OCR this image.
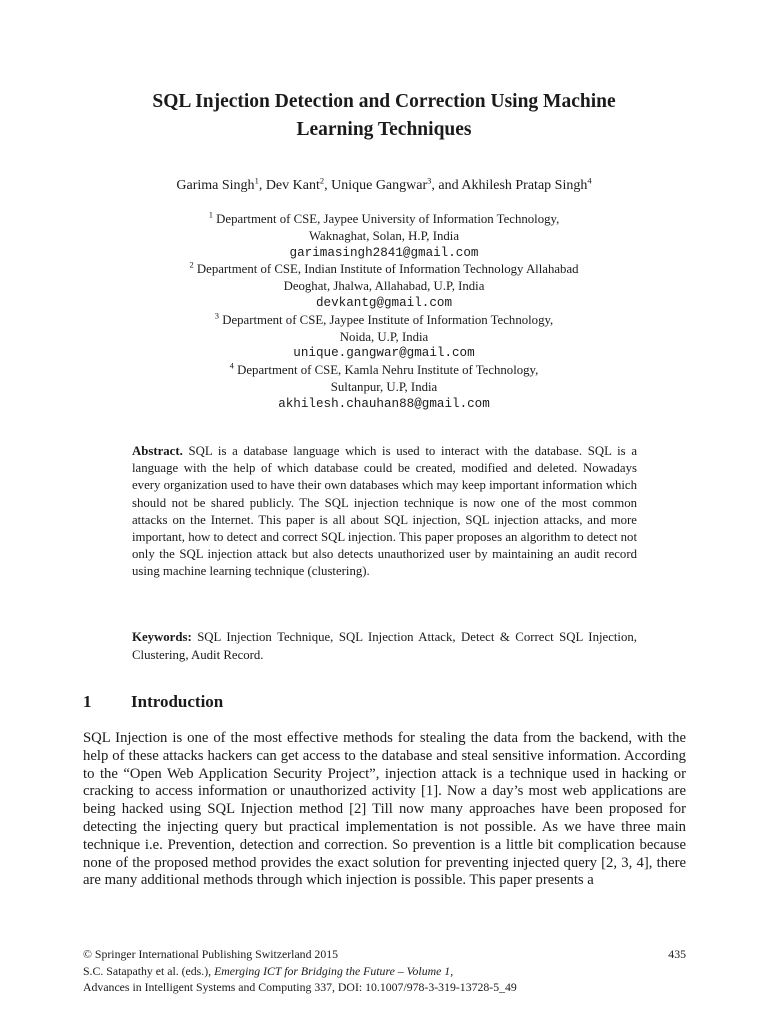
SQL Injection Detection and Correction Using Machine
Learning Techniques
Garima Singh$^1$, Dev Kant$^2$, Unique Gangwar$^3$, and Akhilesh Pratap Singh$^4$
$^1$ Department of CSE, Jaypee University of Information Technology,
Waknaghat, Solan, H.P, India
garimasingh2841@gmail.com
$^2$ Department of CSE, Indian Institute of Information Technology Allahabad
Deoghat, Jhalwa, Allahabad, U.P, India
devkantg@gmail.com
$^3$ Department of CSE, Jaypee Institute of Information Technology,
Noida, U.P, India
unique.gangwar@gmail.com
$^4$ Department of CSE, Kamla Nehru Institute of Technology,
Sultanpur, U.P, India
akhilesh.chauhan88@gmail.com
Abstract. SQL is a database language which is used to interact with the database. SQL is a language with the help of which database could be created, modified and deleted. Nowadays every organization used to have their own databases which may keep important information which should not be shared publicly. The SQL injection technique is now one of the most common attacks on the Internet. This paper is all about SQL injection, SQL injection attacks, and more important, how to detect and correct SQL injection. This paper proposes an algorithm to detect not only the SQL injection attack but also detects unauthorized user by maintaining an audit record using machine learning technique (clustering).
Keywords: SQL Injection Technique, SQL Injection Attack, Detect & Correct SQL Injection, Clustering, Audit Record.
1 Introduction

SQL Injection is one of the most effective methods for stealing the data from the backend, with the help of these attacks hackers can get access to the database and steal sensitive information. According to the “Open Web Application Security Project”, injection attack is a technique used in hacking or cracking to access information or unauthorized activity [1]. Now a day’s most web applications are being hacked using SQL Injection method [2] Till now many approaches have been proposed for detecting the injecting query but practical implementation is not possible. As we have three main technique i.e. Prevention, detection and correction. So prevention is a little bit complication because none of the proposed method provides the exact solution for preventing injected query [2, 3, 4], there are many additional methods through which injection is possible. This paper presents a

© Springer International Publishing Switzerland 2015	435
S.C. Satapathy et al. (eds.), Emerging ICT for Bridging the Future – Volume 1,
Advances in Intelligent Systems and Computing 337, DOI: 10.1007/978-3-319-13728-5_49
